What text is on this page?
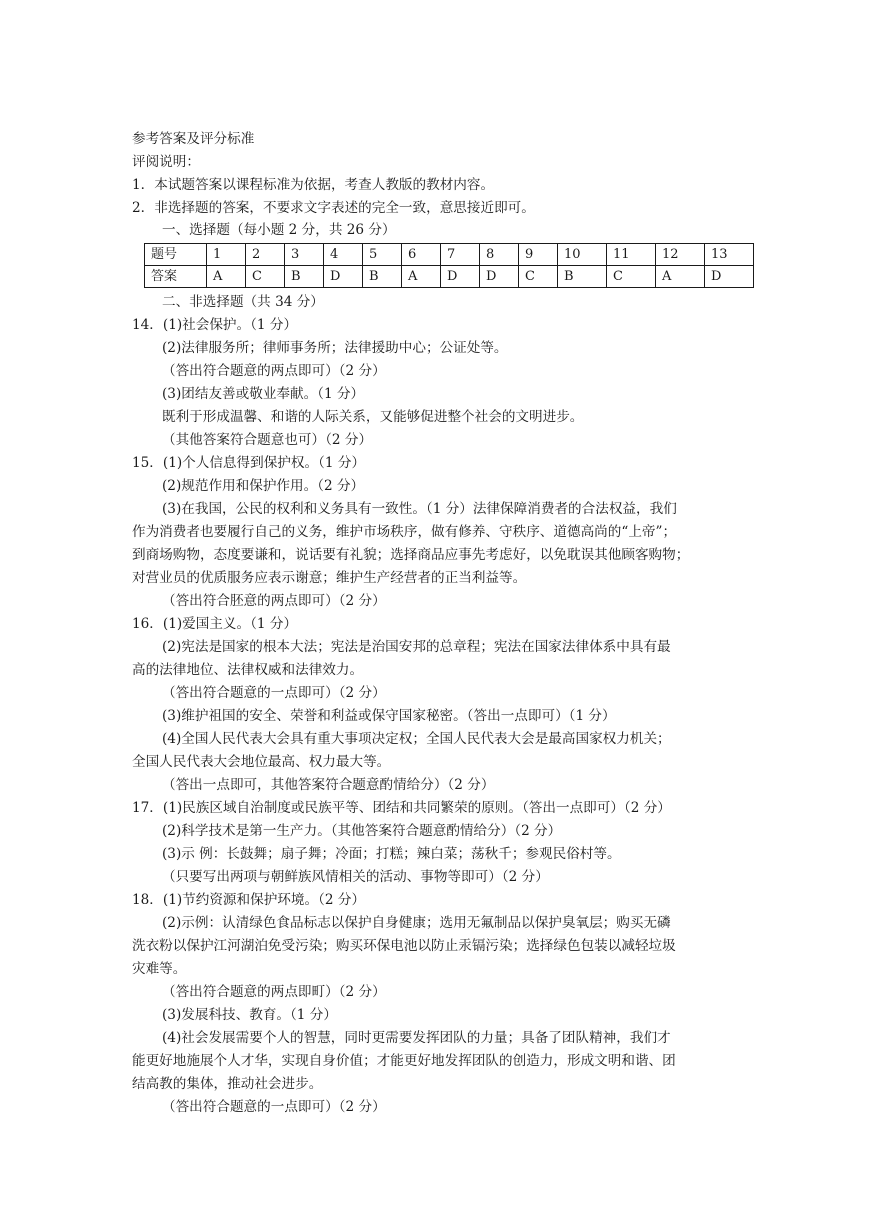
参考答案及评分标准
评阅说明：
1．本试题答案以课程标准为依据，考查人教版的教材内容。
2．非选择题的答案，不要求文字表述的完全一致，意思接近即可。
一、选择题（每小题 2 分，共 26 分）
题号	1	2	3	4	5	6	7	8	9	10	11	12	13
答案	A	C	B	D	B	A	D	D	C	B	C	A	D
二、非选择题（共 34 分）
14．(1)社会保护。（1 分）
(2)法律服务所；律师事务所；法律援助中心；公证处等。
（答出符合题意的两点即可）（2 分）
(3)团结友善或敬业奉献。（1 分）
既利于形成温馨、和谐的人际关系，又能够促进整个社会的文明进步。
（其他答案符合题意也可）（2 分）
15．(1)个人信息得到保护权。（1 分）
(2)规范作用和保护作用。（2 分）
(3)在我国，公民的权利和义务具有一致性。（1 分）法律保障消费者的合法权益，我们
作为消费者也要履行自己的义务，维护市场秩序，做有修养、守秩序、道德高尚的“上帝”；
到商场购物，态度要谦和，说话要有礼貌；选择商品应事先考虑好，以免耽误其他顾客购物；
对营业员的优质服务应表示谢意；维护生产经营者的正当利益等。
（答出符合胚意的两点即可）（2 分）
16．(1)爱国主义。（1 分）
(2)宪法是国家的根本大法；宪法是治国安邦的总章程；宪法在国家法律体系中具有最
高的法律地位、法律权威和法律效力。
（答出符合题意的一点即可）（2 分）
(3)维护祖国的安全、荣誉和利益或保守国家秘密。（答出一点即可）（1 分）
(4)全国人民代表大会具有重大事项决定权；全国人民代表大会是最高国家权力机关；
全国人民代表大会地位最高、权力最大等。
（答出一点即可，其他答案符合题意酌情给分）（2 分）
17．(1)民族区域自治制度或民族平等、团结和共同繁荣的原则。（答出一点即可）（2 分）
(2)科学技术是第一生产力。（其他答案符合题意酌情给分）（2 分）
(3)示 例：长鼓舞；扇子舞；冷面；打糕；辣白菜；荡秋千；参观民俗村等。
（只要写出两项与朝鲜族风情相关的活动、事物等即可）（2 分）
18．(1)节约资源和保护环境。（2 分）
(2)示例：认清绿色食品标志以保护自身健康；选用无氟制品以保护臭氧层；购买无磷
洗衣粉以保护江河湖泊免受污染；购买环保电池以防止汞镉污染；选择绿色包装以减轻垃圾
灾难等。
（答出符合题意的两点即町）（2 分）
(3)发展科技、教育。（1 分）
(4)社会发展需要个人的智慧，同时更需要发挥团队的力量；具备了团队精神，我们才
能更好地施展个人才华，实现自身价值；才能更好地发挥团队的创造力，形成文明和谐、团
结高教的集体，推动社会进步。
（答出符合题意的一点即可）（2 分）
